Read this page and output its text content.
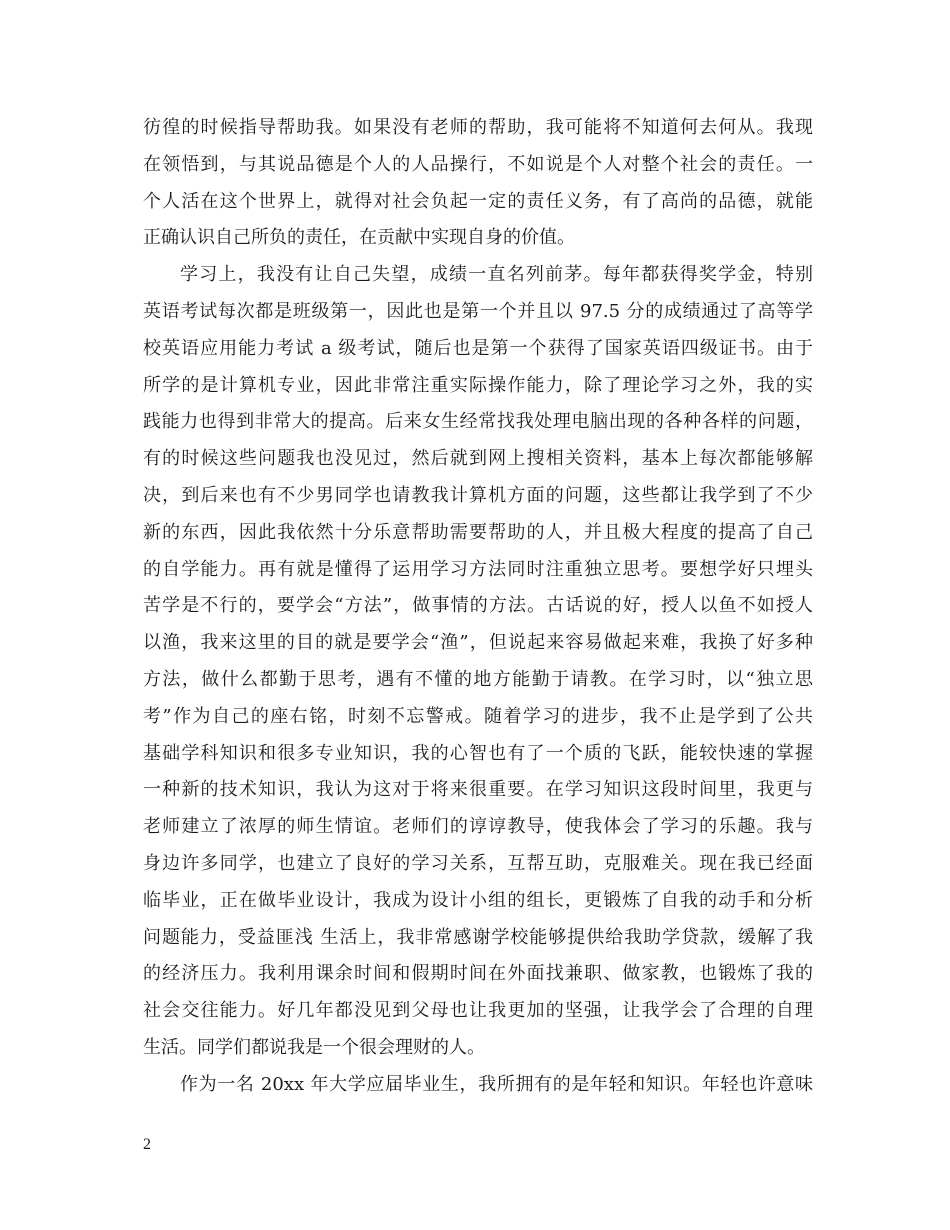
彷徨的时候指导帮助我。如果没有老师的帮助，我可能将不知道何去何从。我现
在领悟到，与其说品德是个人的人品操行，不如说是个人对整个社会的责任。一
个人活在这个世界上，就得对社会负起一定的责任义务，有了高尚的品德，就能
正确认识自己所负的责任，在贡献中实现自身的价值。
学习上，我没有让自己失望，成绩一直名列前茅。每年都获得奖学金，特别
英语考试每次都是班级第一，因此也是第一个并且以 97.5 分的成绩通过了高等学
校英语应用能力考试 a 级考试，随后也是第一个获得了国家英语四级证书。由于
所学的是计算机专业，因此非常注重实际操作能力，除了理论学习之外，我的实
践能力也得到非常大的提高。后来女生经常找我处理电脑出现的各种各样的问题，
有的时候这些问题我也没见过，然后就到网上搜相关资料，基本上每次都能够解
决，到后来也有不少男同学也请教我计算机方面的问题，这些都让我学到了不少
新的东西，因此我依然十分乐意帮助需要帮助的人，并且极大程度的提高了自己
的自学能力。再有就是懂得了运用学习方法同时注重独立思考。要想学好只埋头
苦学是不行的，要学会“方法”，做事情的方法。古话说的好，授人以鱼不如授人
以渔，我来这里的目的就是要学会“渔”，但说起来容易做起来难，我换了好多种
方法，做什么都勤于思考，遇有不懂的地方能勤于请教。在学习时，以“独立思
考”作为自己的座右铭，时刻不忘警戒。随着学习的进步，我不止是学到了公共
基础学科知识和很多专业知识，我的心智也有了一个质的飞跃，能较快速的掌握
一种新的技术知识，我认为这对于将来很重要。在学习知识这段时间里，我更与
老师建立了浓厚的师生情谊。老师们的谆谆教导，使我体会了学习的乐趣。我与
身边许多同学，也建立了良好的学习关系，互帮互助，克服难关。现在我已经面
临毕业，正在做毕业设计，我成为设计小组的组长，更锻炼了自我的动手和分析
问题能力，受益匪浅 生活上，我非常感谢学校能够提供给我助学贷款，缓解了我
的经济压力。我利用课余时间和假期时间在外面找兼职、做家教，也锻炼了我的
社会交往能力。好几年都没见到父母也让我更加的坚强，让我学会了合理的自理
生活。同学们都说我是一个很会理财的人。
作为一名 20xx 年大学应届毕业生，我所拥有的是年轻和知识。年轻也许意味
2
